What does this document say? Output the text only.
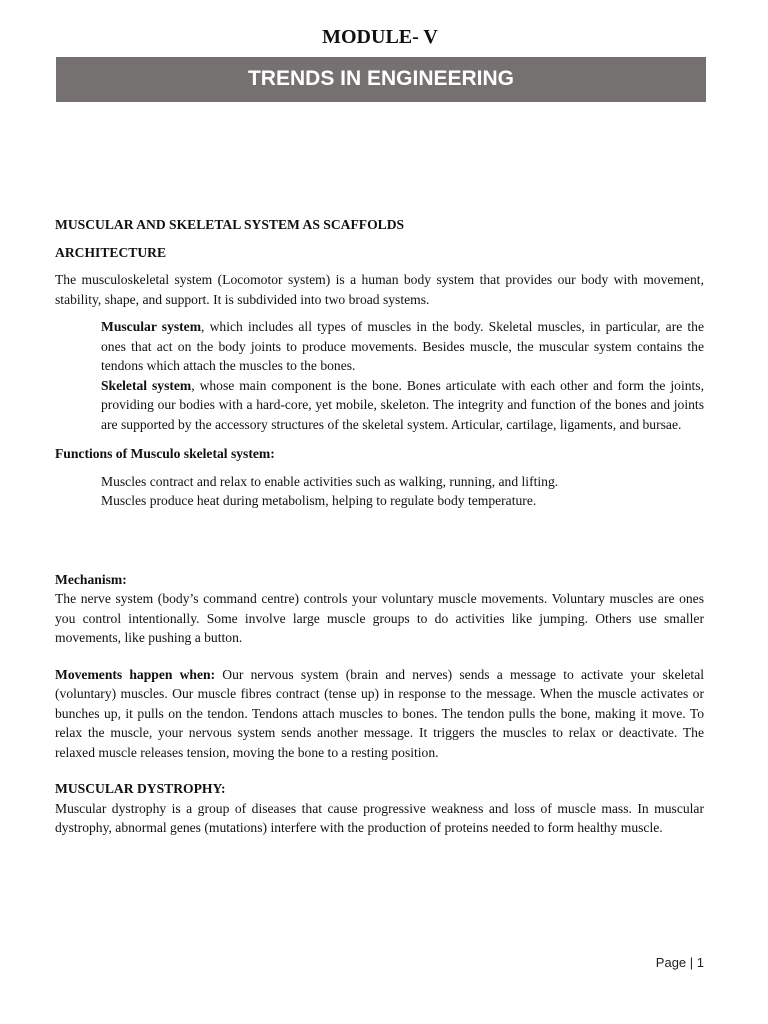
MODULE- V
TRENDS IN ENGINEERING

MUSCULAR AND SKELETAL SYSTEM AS SCAFFOLDS

ARCHITECTURE

The musculoskeletal system (Locomotor system) is a human body system that provides our body with movement, stability, shape, and support. It is subdivided into two broad systems.

Muscular system, which includes all types of muscles in the body. Skeletal muscles, in particular, are the ones that act on the body joints to produce movements. Besides muscle, the muscular system contains the tendons which attach the muscles to the bones.

Skeletal system, whose main component is the bone. Bones articulate with each other and form the joints, providing our bodies with a hard-core, yet mobile, skeleton. The integrity and function of the bones and joints are supported by the accessory structures of the skeletal system. Articular, cartilage, ligaments, and bursae.

Functions of Musculo skeletal system:

Muscles contract and relax to enable activities such as walking, running, and lifting.

Muscles produce heat during metabolism, helping to regulate body temperature.

Mechanism:

The nerve system (body’s command centre) controls your voluntary muscle movements. Voluntary muscles are ones you control intentionally. Some involve large muscle groups to do activities like jumping. Others use smaller movements, like pushing a button.

Movements happen when: Our nervous system (brain and nerves) sends a message to activate your skeletal (voluntary) muscles. Our muscle fibres contract (tense up) in response to the message. When the muscle activates or bunches up, it pulls on the tendon. Tendons attach muscles to bones. The tendon pulls the bone, making it move. To relax the muscle, your nervous system sends another message. It triggers the muscles to relax or deactivate. The relaxed muscle releases tension, moving the bone to a resting position.

MUSCULAR DYSTROPHY:

Muscular dystrophy is a group of diseases that cause progressive weakness and loss of muscle mass. In muscular dystrophy, abnormal genes (mutations) interfere with the production of proteins needed to form healthy muscle.

Page | 1
